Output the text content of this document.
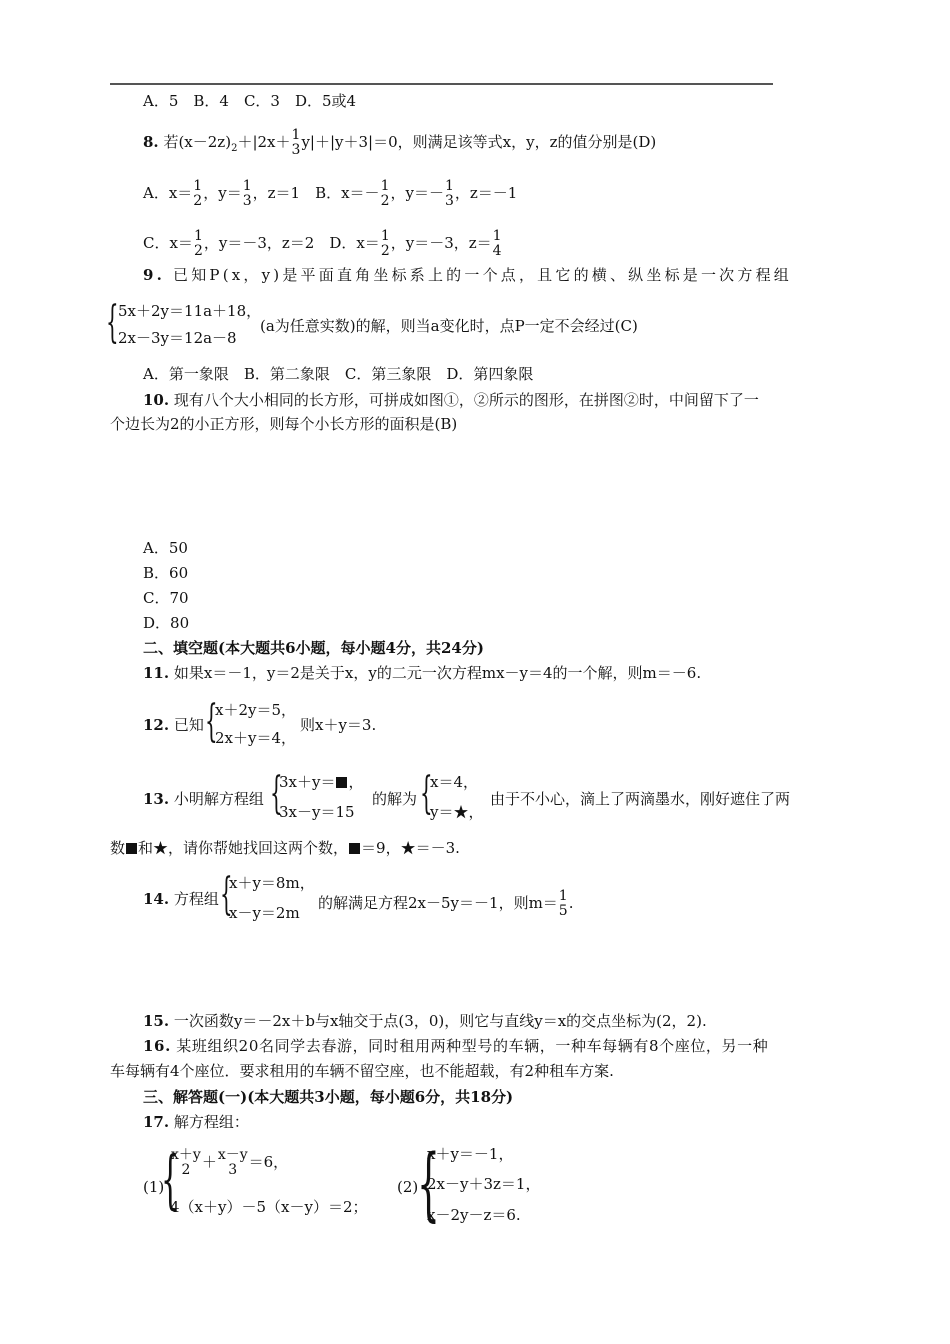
A．5　B．4　C．3　D．5或4
8. 若$(x-2z)_2+|2x+ 1$
3 y|＋|y＋3|＝0，则满足该等式x，y，z的值分别是(D)
A．x＝ 1
2 ，y＝ 1
3 ，z＝1　B．x＝－ 1
2 ，y＝－ 1
3 ，z＝－1
C．x＝ 1
2 ，y＝－3，z＝2　D．x＝ 1
2 ，y＝－3，z＝ 1
4
9. 已知P(x，y)是平面直角坐标系上的一个点，且它的横、纵坐标是一次方程组
{ 5x＋2y＝11a＋18，
2x－3y＝12a－8
(a为任意实数)的解，则当a变化时，点P一定不会经过(C)
A．第一象限　B．第二象限　C．第三象限　D．第四象限
10. 现有八个大小相同的长方形，可拼成如图①，②所示的图形，在拼图②时，中间留下了一
个边长为2的小正方形，则每个小长方形的面积是(B)
A．50
B．60
C．70
D．80
二、填空题(本大题共6小题，每小题4分，共24分)
11. 如果x＝－1，y＝2是关于x，y的二元一次方程mx－y＝4的一个解，则m＝－6.
12. 已知 {
x＋2y＝5，
2x＋y＝4，
则x＋y＝3.
13. 小明解方程组 {
3x＋y＝ ，
3x－y＝15
的解为 {
x＝4，
y＝★，
由于不小心，滴上了两滴墨水，刚好遮住了两
数 和★，请你帮她找回这两个数， ＝9，★＝－3.
14. 方程组 {
x＋y＝8m，
x－y＝2m
的解满足方程2x－5y＝－1，则m＝ 1
5 .
15. 一次函数y＝－2x＋b与x轴交于点(3，0)，则它与直线y＝x的交点坐标为(2，2).
16. 某班组织20名同学去春游，同时租用两种型号的车辆，一种车每辆有8个座位，另一种
车每辆有4个座位．要求租用的车辆不留空座，也不能超载，有2种租车方案.
三、解答题(一)(本大题共3小题，每小题6分，共18分)
17. 解方程组：
(1)
{
x＋y
2 ＋ x－y
3 ＝6，
4（x＋y）－5（x－y）＝2；
(2)
{
x＋y＝－1，
2x－y＋3z＝1，
x－2y－z＝6.
